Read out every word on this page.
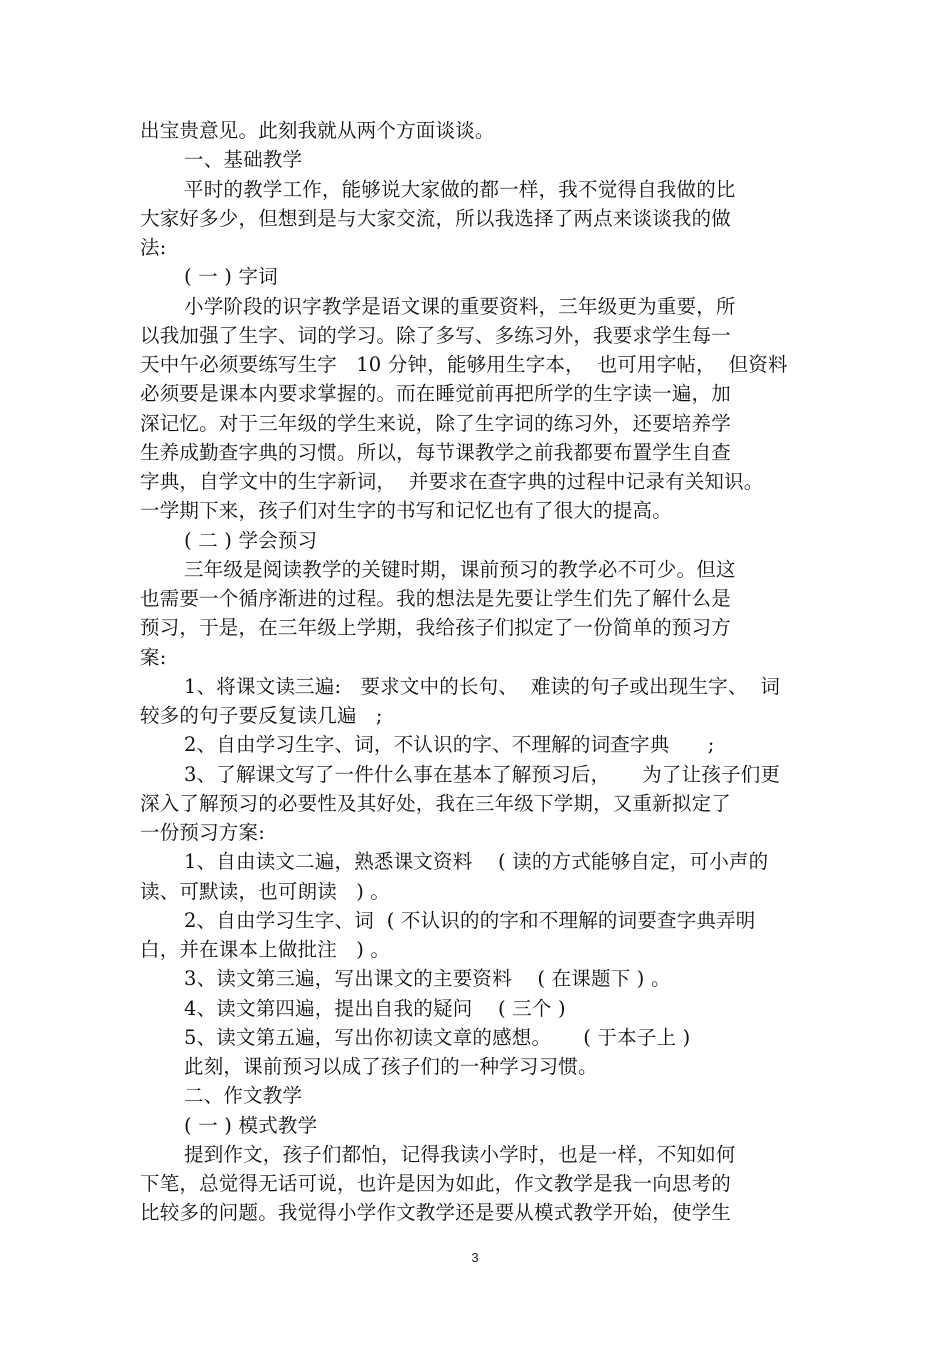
出宝贵意见。此刻我就从两个方面谈谈。
一、基础教学
平时的教学工作，能够说大家做的都一样，我不觉得自我做的比
大家好多少，但想到是与大家交流，所以我选择了两点来谈谈我的做
法:
( 一 ) 字词
小学阶段的识字教学是语文课的重要资料，三年级更为重要，所
以我加强了生字、词的学习。除了多写、多练习外，我要求学生每一
天中午必须要练写生字   10 分钟，能够用生字本，  也可用字帖，  但资料
必须要是课本内要求掌握的。而在睡觉前再把所学的生字读一遍，加
深记忆。对于三年级的学生来说，除了生字词的练习外，还要培养学
生养成勤查字典的习惯。所以，每节课教学之前我都要布置学生自查
字典，自学文中的生字新词，  并要求在查字典的过程中记录有关知识。
一学期下来，孩子们对生字的书写和记忆也有了很大的提高。
( 二 ) 学会预习
三年级是阅读教学的关键时期，课前预习的教学必不可少。但这
也需要一个循序渐进的过程。我的想法是先要让学生们先了解什么是
预习，于是，在三年级上学期，我给孩子们拟定了一份简单的预习方
案:
1、将课文读三遍:   要求文中的长句、  难读的句子或出现生字、  词
较多的句子要反复读几遍   ;
2、自由学习生字、词，不认识的字、不理解的词查字典      ;
3、了解课文写了一件什么事在基本了解预习后，     为了让孩子们更
深入了解预习的必要性及其好处，我在三年级下学期，又重新拟定了
一份预习方案:
1、自由读文二遍，熟悉课文资料    ( 读的方式能够自定，可小声的
读、可默读，也可朗读   ) 。
2、自由学习生字、词  ( 不认识的的字和不理解的词要查字典弄明
白，并在课本上做批注   ) 。
3、读文第三遍，写出课文的主要资料    ( 在课题下 ) 。
4、读文第四遍，提出自我的疑问    ( 三个 )
5、读文第五遍，写出你初读文章的感想。     ( 于本子上 )
此刻，课前预习以成了孩子们的一种学习习惯。
二、作文教学
( 一 ) 模式教学
提到作文，孩子们都怕，记得我读小学时，也是一样，不知如何
下笔，总觉得无话可说，也许是因为如此，作文教学是我一向思考的
比较多的问题。我觉得小学作文教学还是要从模式教学开始，使学生
3
